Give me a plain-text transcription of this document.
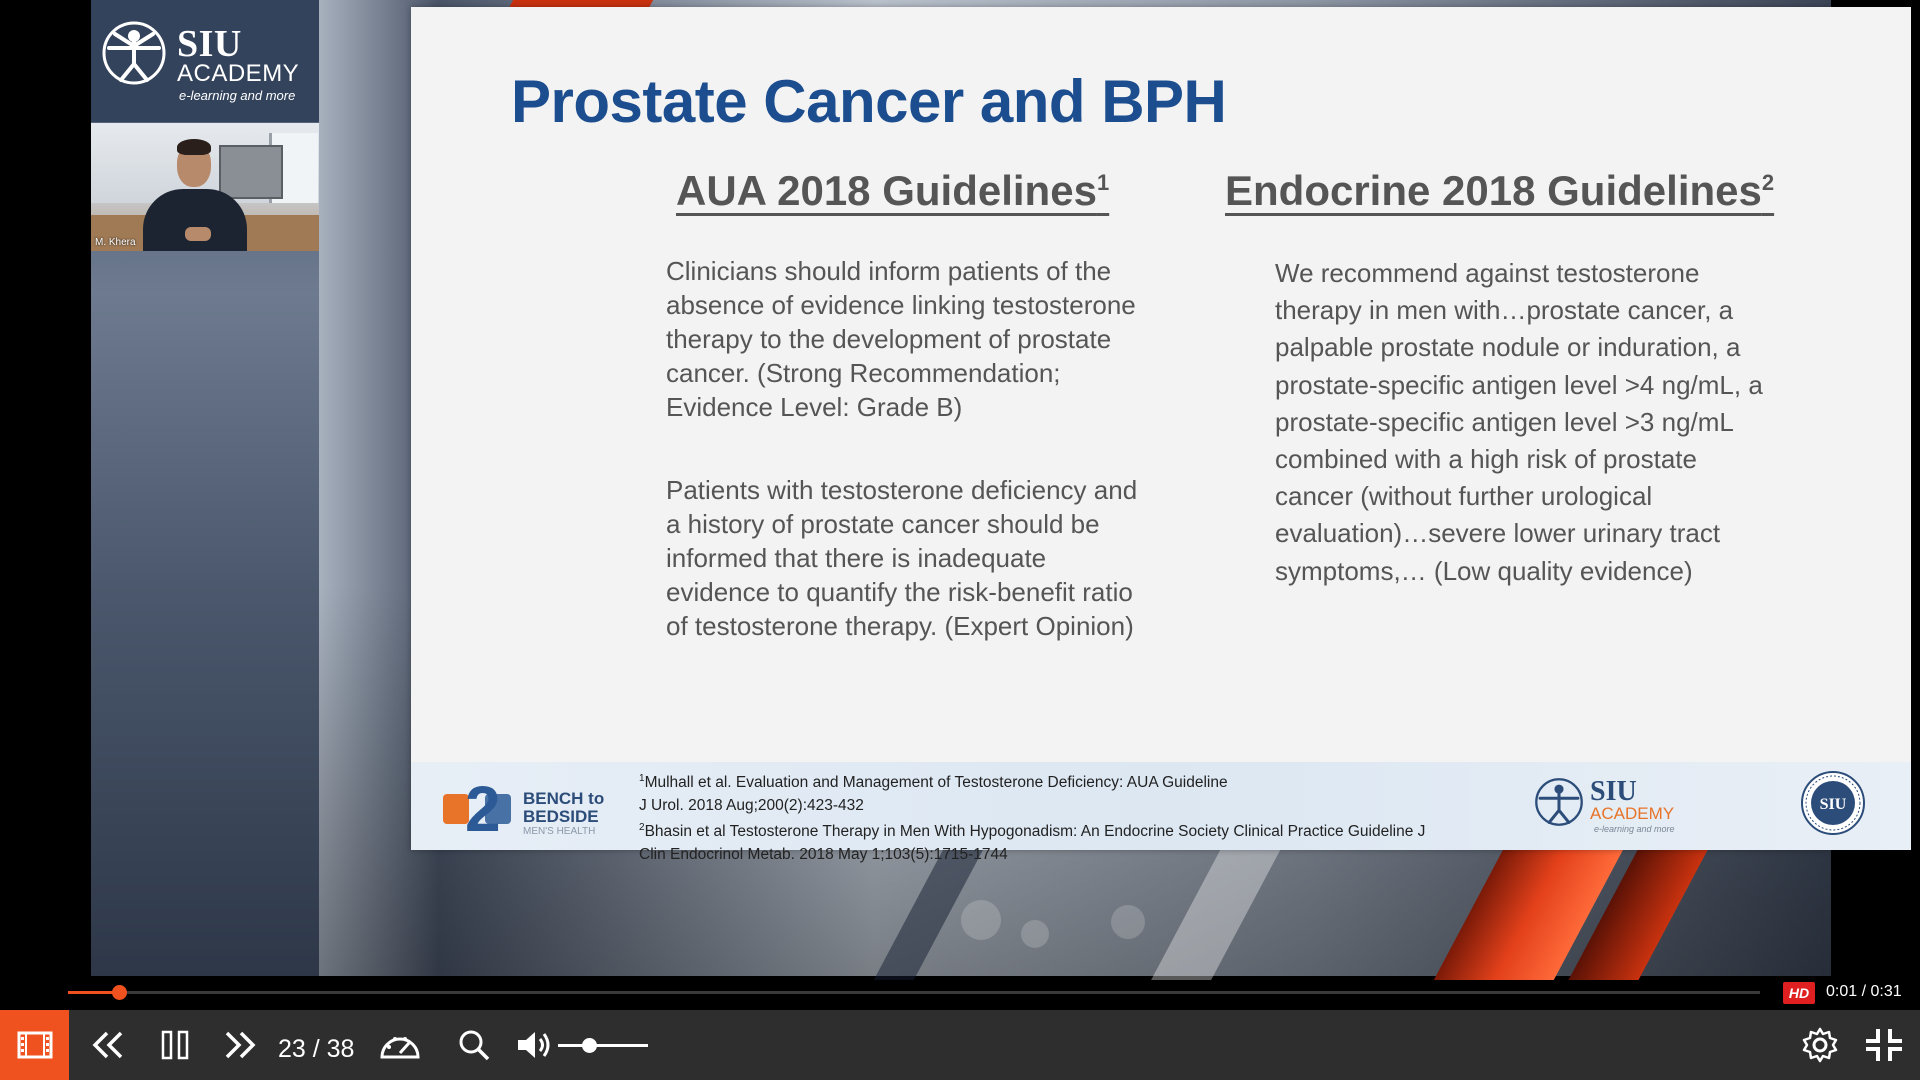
SIU
ACADEMY
e-learning and more
M. Khera
Prostate Cancer and BPH
AUA 2018 Guidelines$^1$	Endocrine 2018 Guidelines$^2$
Clinicians should inform patients of the absence of evidence linking testosterone therapy to the development of prostate cancer. (Strong Recommendation; Evidence Level: Grade B)
Patients with testosterone deficiency and a history of prostate cancer should be informed that there is inadequate evidence to quantify the risk-benefit ratio of testosterone therapy. (Expert Opinion)
We recommend against testosterone therapy in men with…prostate cancer, a palpable prostate nodule or induration, a prostate-specific antigen level >4 ng/mL, a prostate-specific antigen level >3 ng/mL combined with a high risk of prostate cancer (without further urological evaluation)…severe lower urinary tract symptoms,… (Low quality evidence)
2 BENCH to
BEDSIDE
MEN'S HEALTH
$^1$Mulhall et al. Evaluation and Management of Testosterone Deficiency: AUA Guideline
J Urol. 2018 Aug;200(2):423-432
$^2$Bhasin et al Testosterone Therapy in Men With Hypogonadism: An Endocrine Society Clinical Practice Guideline J
Clin Endocrinol Metab. 2018 May 1;103(5):1715-1744
SIU
ACADEMY
e-learning and more
SIU
HD	0:01 / 0:31
23 / 38
